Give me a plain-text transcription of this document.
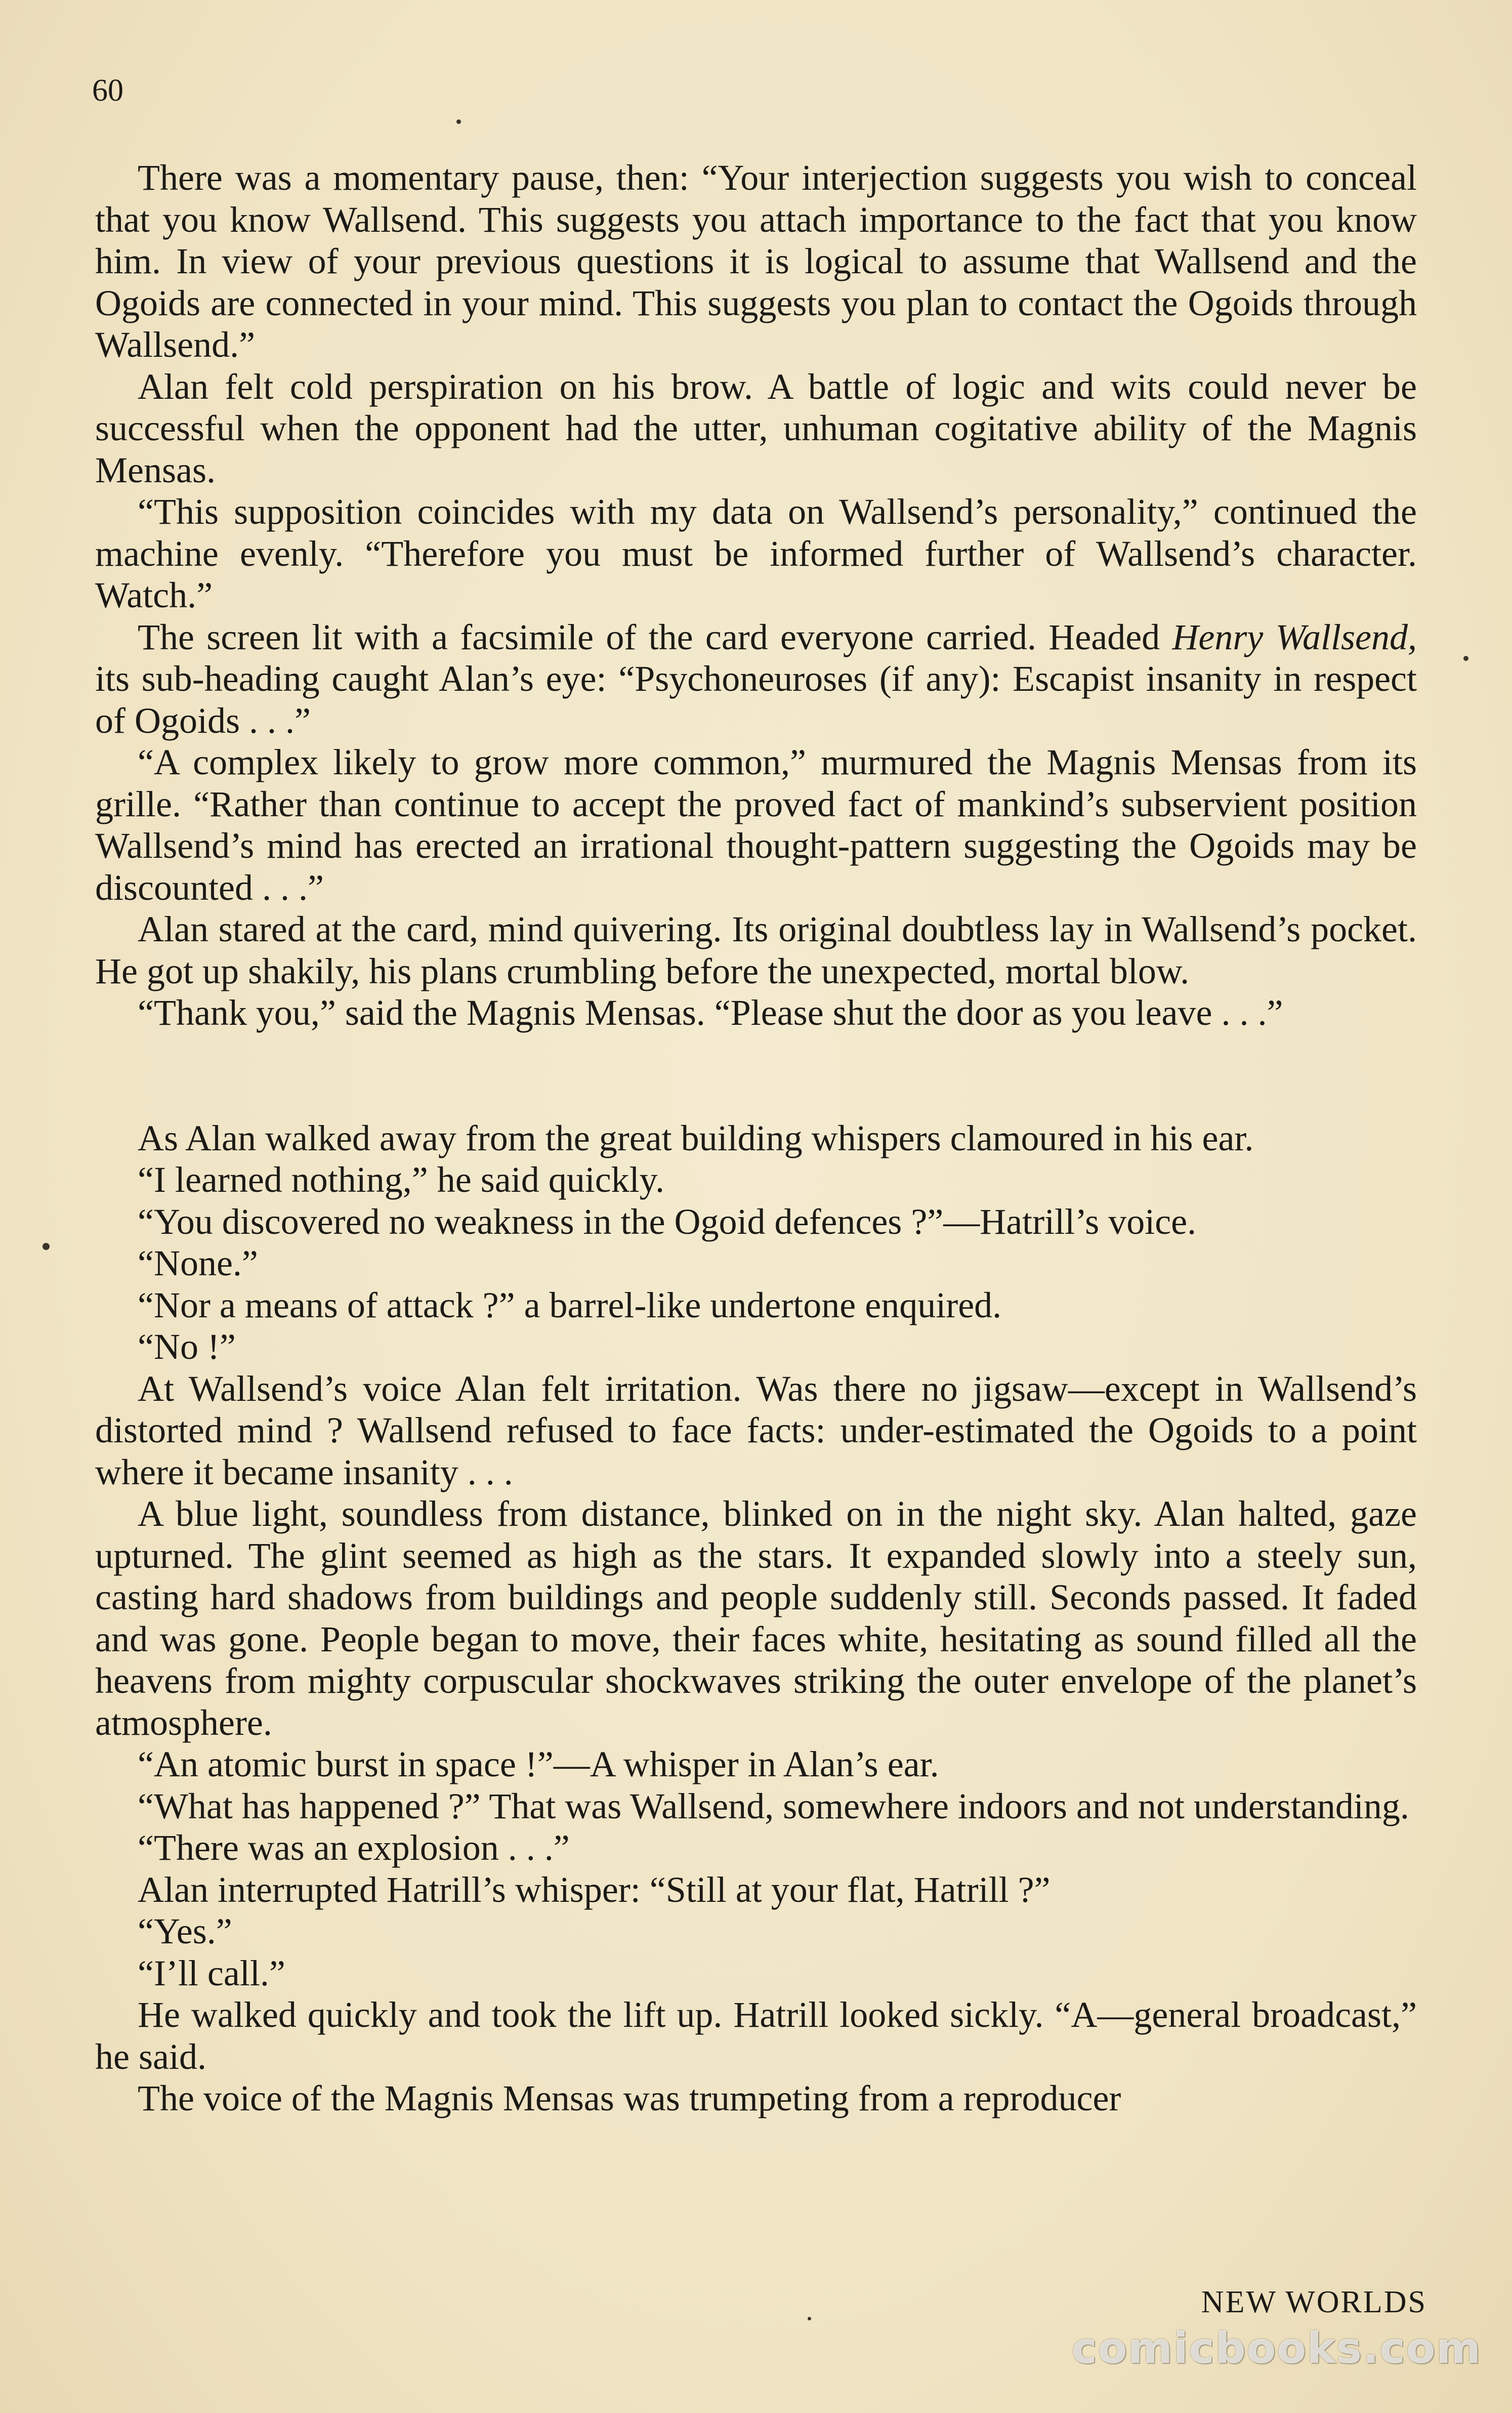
60

There was a momentary pause, then: “Your interjection suggests you wish to conceal that you know Wallsend. This suggests you attach importance to the fact that you know him. In view of your previous questions it is logical to assume that Wallsend and the Ogoids are connected in your mind. This suggests you plan to contact the Ogoids through Wallsend.”

Alan felt cold perspiration on his brow. A battle of logic and wits could never be successful when the opponent had the utter, unhuman cogitative ability of the Magnis Mensas.

“This supposition coincides with my data on Wallsend’s personality,” continued the machine evenly. “Therefore you must be informed further of Wallsend’s character. Watch.”

The screen lit with a facsimile of the card everyone carried. Headed Henry Wallsend, its sub-heading caught Alan’s eye: “Psychoneuroses (if any): Escapist insanity in respect of Ogoids . . .”

“A complex likely to grow more common,” murmured the Magnis Mensas from its grille. “Rather than continue to accept the proved fact of mankind’s subservient position Wallsend’s mind has erected an irrational thought-pattern suggesting the Ogoids may be discounted . . .”

Alan stared at the card, mind quivering. Its original doubtless lay in Wallsend’s pocket. He got up shakily, his plans crumbling before the unexpected, mortal blow.

“Thank you,” said the Magnis Mensas. “Please shut the door as you leave . . .”

As Alan walked away from the great building whispers clamoured in his ear.

“I learned nothing,” he said quickly.

“You discovered no weakness in the Ogoid defences ?”—Hatrill’s voice.

“None.”

“Nor a means of attack ?” a barrel-like undertone enquired.

“No !”

At Wallsend’s voice Alan felt irritation. Was there no jigsaw—except in Wallsend’s distorted mind ? Wallsend refused to face facts: under-estimated the Ogoids to a point where it became insanity . . .

A blue light, soundless from distance, blinked on in the night sky. Alan halted, gaze upturned. The glint seemed as high as the stars. It expanded slowly into a steely sun, casting hard shadows from buildings and people suddenly still. Seconds passed. It faded and was gone. People began to move, their faces white, hesitating as sound filled all the heavens from mighty corpuscular shockwaves striking the outer envelope of the planet’s atmosphere.

“An atomic burst in space !”—A whisper in Alan’s ear.

“What has happened ?” That was Wallsend, somewhere indoors and not understanding.

“There was an explosion . . .”

Alan interrupted Hatrill’s whisper: “Still at your flat, Hatrill ?”

“Yes.”

“I’ll call.”

He walked quickly and took the lift up. Hatrill looked sickly. “A—general broadcast,” he said.

The voice of the Magnis Mensas was trumpeting from a reproducer

NEW WORLDS
comicbooks.com
